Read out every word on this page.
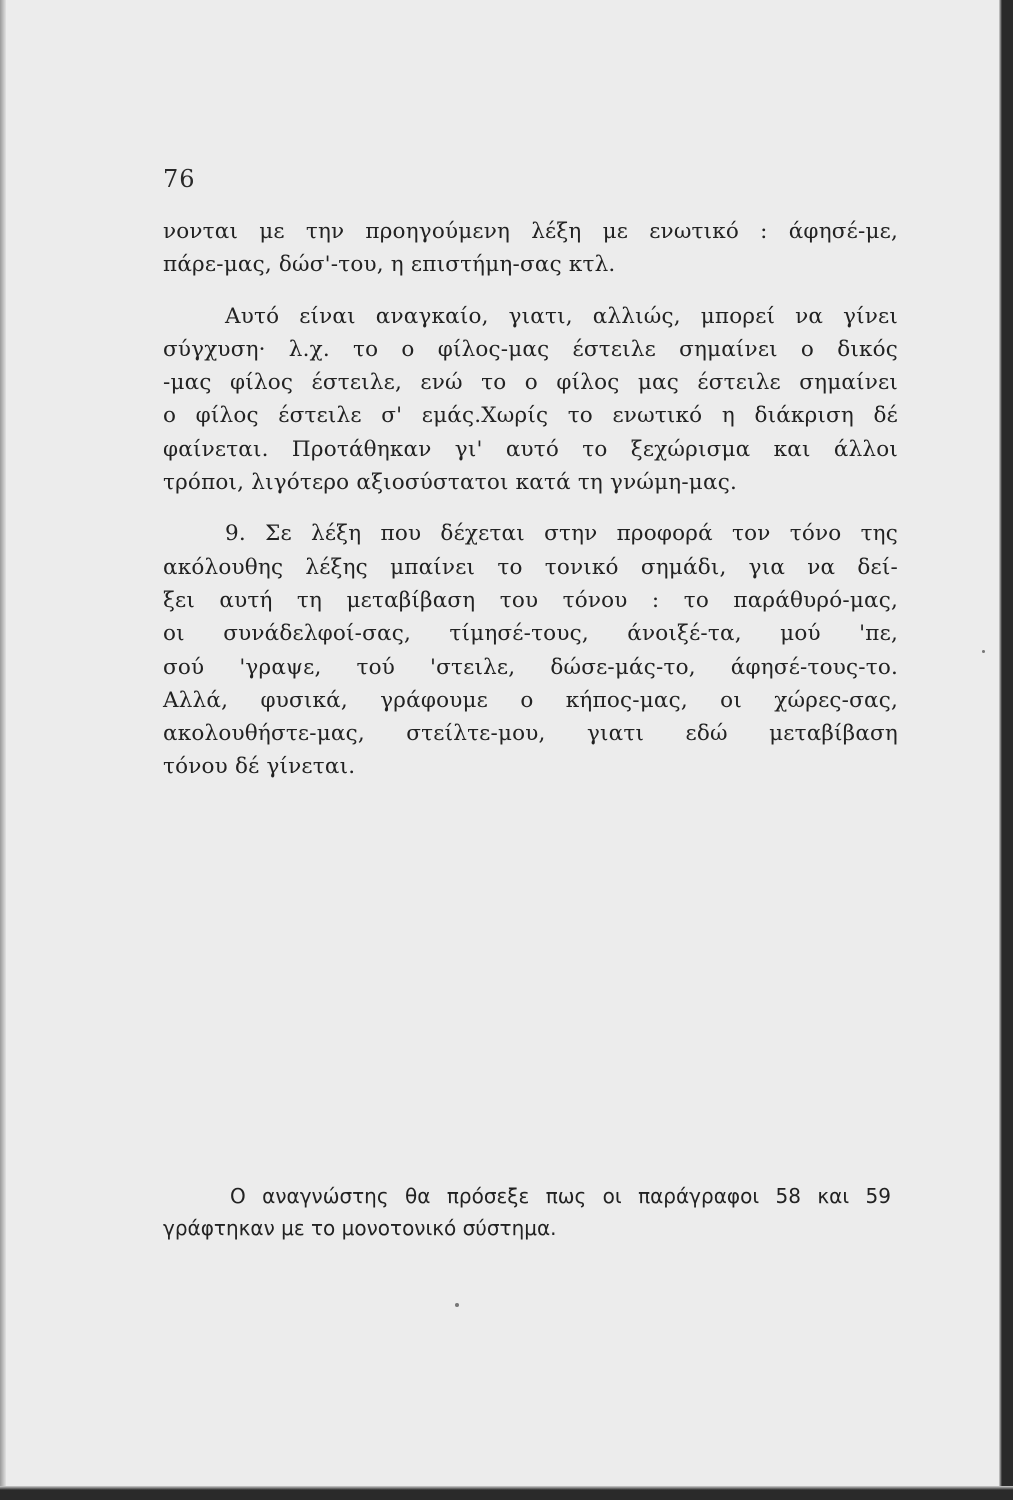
76
νονται με την προηγούμενη λέξη με ενωτικό : άφησέ-με,
πάρε-μας, δώσ'-του, η επιστήμη-σας κτλ.
Αυτό είναι αναγκαίο, γιατι, αλλιώς, μπορεί να γίνει
σύγχυση· λ.χ. το ο φίλος-μας έστειλε σημαίνει ο δικός
-μας φίλος έστειλε, ενώ το ο φίλος μας έστειλε σημαίνει
ο φίλος έστειλε σ' εμάς.Χωρίς το ενωτικό η διάκριση δέ
φαίνεται. Προτάθηκαν γι' αυτό το ξεχώρισμα και άλλοι
τρόποι, λιγότερο αξιοσύστατοι κατά τη γνώμη-μας.
9. Σε λέξη που δέχεται στην προφορά τον τόνο της
ακόλουθης λέξης μπαίνει το τονικό σημάδι, για να δεί-
ξει αυτή τη μεταβίβαση του τόνου : το παράθυρό-μας,
οι συνάδελφοί-σας, τίμησέ-τους, άνοιξέ-τα, μού 'πε,
σού 'γραψε, τού 'στειλε, δώσε-μάς-το, άφησέ-τους-το.
Αλλά, φυσικά, γράφουμε ο κήπος-μας, οι χώρες-σας,
ακολουθήστε-μας, στείλτε-μου, γιατι εδώ μεταβίβαση
τόνου δέ γίνεται.
Ο αναγνώστης θα πρόσεξε πως οι παράγραφοι 58 και 59
γράφτηκαν με το μονοτονικό σύστημα.
